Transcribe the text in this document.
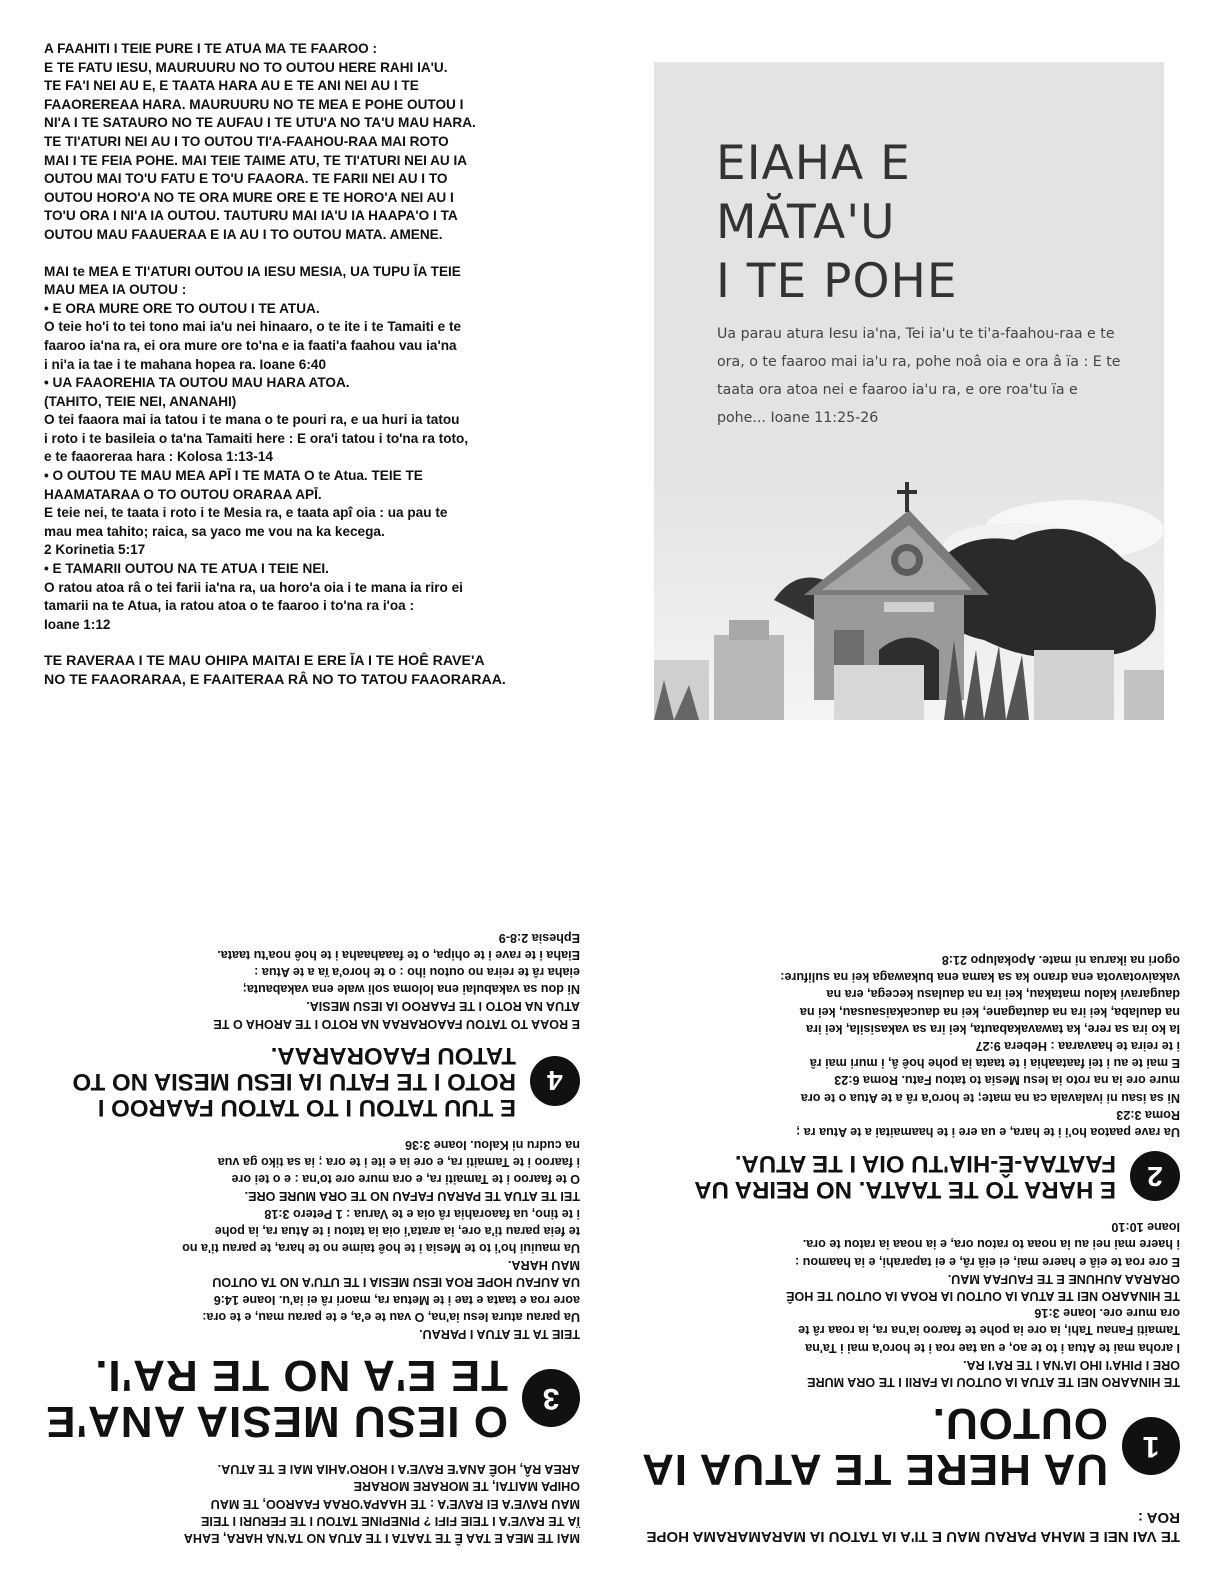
A FAAHITI I TEIE PURE I TE ATUA MA TE FAAROO :

E TE FATU IESU, MAURUURU NO TO OUTOU HERE RAHI IA'U.

TE FA'I NEI AU E, E TAATA HARA AU E TE ANI NEI AU I TE

FAAOREREAA HARA. MAURUURU NO TE MEA E POHE OUTOU I

NI'A I TE SATAURO NO TE AUFAU I TE UTU'A NO TA'U MAU HARA.

TE TI'ATURI NEI AU I TO OUTOU TI'A-FAAHOU-RAA MAI ROTO

MAI I TE FEIA POHE. MAI TEIE TAIME ATU, TE TI'ATURI NEI AU IA

OUTOU MAI TO'U FATU E TO'U FAAORA. TE FARII NEI AU I TO

OUTOU HORO'A NO TE ORA MURE ORE E TE HORO'A NEI AU I

TO'U ORA I NI'A IA OUTOU. TAUTURU MAI IA'U IA HAAPA'O I TA

OUTOU MAU FAAUERAA E IA AU I TO OUTOU MATA. AMENE.

MAI te MEA E TI'ATURI OUTOU IA IESU MESIA, UA TUPU ĬA TEIE

MAU MEA IA OUTOU :

• E ORA MURE ORE TO OUTOU I TE ATUA.

O teie ho'i to tei tono mai ia'u nei hinaaro, o te ite i te Tamaiti e te

faaroo ia'na ra, ei ora mure ore to'na e ia faati'a faahou vau ia'na

i ni'a ia tae i te mahana hopea ra. Ioane 6:40

• UA FAAOREHIA TA OUTOU MAU HARA ATOA.

(TAHITO, TEIE NEI, ANANAHI)

O tei faaora mai ia tatou i te mana o te pouri ra, e ua huri ia tatou

i roto i te basileia o ta'na Tamaiti here : E ora'i tatou i to'na ra toto,

e te faaoreraa hara : Kolosa 1:13-14

• O OUTOU TE MAU MEA APĪ I TE MATA O te Atua. TEIE TE

HAAMATARAA O TO OUTOU ORARAA APĪ.

E teie nei, te taata i roto i te Mesia ra, e taata apî oia : ua pau te

mau mea tahito; raica, sa yaco me vou na ka kecega.

2 Korinetia 5:17

• E TAMARII OUTOU NA TE ATUA I TEIE NEI.

O ratou atoa râ o tei farii ia'na ra, ua horo'a oia i te mana ia riro ei

tamarii na te Atua, ia ratou atoa o te faaroo i to'na ra i'oa :

Ioane 1:12

TE RAVERAA I TE MAU OHIPA MAITAI E ERE ĬA I TE HOÊ RAVE'A

NO TE FAAORARAA, E FAAITERAA RÂ NO TO TATOU FAAORARAA.

EIAHA E
MĂTA'U
I TE POHE

Ua parau atura Iesu ia'na, Tei ia'u te ti'a-faahou-raa e te ora, o te faaroo mai ia'u ra, pohe noâ oia e ora â ïa : E te taata ora atoa nei e faaroo ia'u ra, e ore roa'tu ïa e pohe... Ioane 11:25-26

MAI TE MEA E TAA Ê TE TAATA I TE ATUA NO TA'NA HARA, EAHA

ÏA TE RAVE'A I TEIE FIFI ? PINEPINE TATOU I TE FERURI I TEIE

MAU RAVE'A EI RAVE'A : TE HAAPA'ORAA FAAROO, TE MAU

OHIPA MAITAI, TE MORARE MORARE

AREA RÂ, HOÊ ANA'E RAVE'A I HORO'AHIA MAI E TE ATUA.

3
O IESU MESIA ANA'E TE E'A NO TE RA'I.

TEIE TA TE ATUA I PARAU.

Ua parau atura Iesu ia'na, O vau te e'a, e te parau mau, e te ora:

aore roa e taata e tae i te Metua ra, maori râ ei ia'u. Ioane 14:6

UA AUFAU HOPE ROA IESU MESIA I TE UTU'A NO TA OUTOU

MAU HARA.

Ua mauiui ho'i to te Mesia i te hoê taime no te hara, te parau ti'a no

te feia parau ti'a ore, ia arata'i oia ia tatou i te Atua ra, ia pohe

i te tino, ua faaorahia râ oia e te Varua : 1 Petero 3:18

TEI TE ATUA TE PARAU FAFAU NO TE ORA MURE ORE.

O te faaroo i te Tamaiti ra, e ora mure ore to'na : e o tei ore

i faaroo i te Tamaiti ra, e ore ia e ite i te ora ; ia sa tiko ga vua

na cudru ni Kalou. Ioane 3:36

4
E TUU TATOU I TO TATOU FAAROO I ROTO I TE FATU IA IESU MESIA NO TO TATOU FAAORARAA.

E ROAA TO TATOU FAAORARAA NA ROTO I TE AROHA O TE

ATUA NA ROTO I TE FAAROO IA IESU MESIA.

Ni dou sa vakabulai ena loloma soli wale ena vakabauta;

eiaha râ te reira no outou iho : o te horo'a ïa a te Atua :

Eiaha i te rave i te ohipa, o te faaahaaha i te hoê noa'tu taata.

Ephesia 2:8-9

TE VAI NEI E MAHA PARAU MAU E TI'A IA TATOU IA MARAMARAMA HOPE ROA :

1
UA HERE TE ATUA IA OUTOU.

TE HINAARO NEI TE ATUA IA OUTOU IA FARII I TE ORA MURE

ORE I PIHA'I IHO IA'NA I TE RA'I RA.

I aroha mai te Atua i to te ao, e ua tae roa i te horo'a mai i Ta'na

Tamaiti Fanau Tahi, ia ore ia pohe te faaroo ia'na ra, ia roaa râ te

ora mure ore. Ioane 3:16

TE HINAARO NEI TE ATUA IA OUTOU IA ROAA IA OUTOU TE HOÊ

ORARAA AUHUNE E TE FAUFAA MAU.

E ore roa te eiâ e haere mai, ei eiâ râ, e ei taparahi, e ia haamou :

i haere mai nei au ia noaa to ratou ora, e ia noaa ia ratou te ora.

Ioane 10:10

2
E HARA TO TE TAATA. NO REIRA UA FAATAA-Ê-HIA'TU OIA I TE ATUA.

Ua rave paatoa ho'i i te hara, e ua ere i te haamaitai a te Atua ra ;

Roma 3:23

Ni sa isau ni ivalavala ca na mate; te horo'a râ a te Atua o te ora

mure ore ia na roto ia Iesu Mesia to tatou Fatu. Roma 6:23

E mai te au i tei faataahia i te taata ia pohe hoê â, i muri mai râ

i te reira te haavaraa : Hebera 9:27

Ia ko ira sa rere, ka tawavakabauta, kei ira sa vakasisila, kei ira

na daulaba, kei ira na dautagane, kei na daucakaisausau, kei na

daugaravi kalou matakau, kei ira na daulasu kecega, era na

vakaivotavota ena drano ka sa kama ena bukawaga kei na sulifure:

ogori na ikarua ni mate. Apokalupo 21:8
